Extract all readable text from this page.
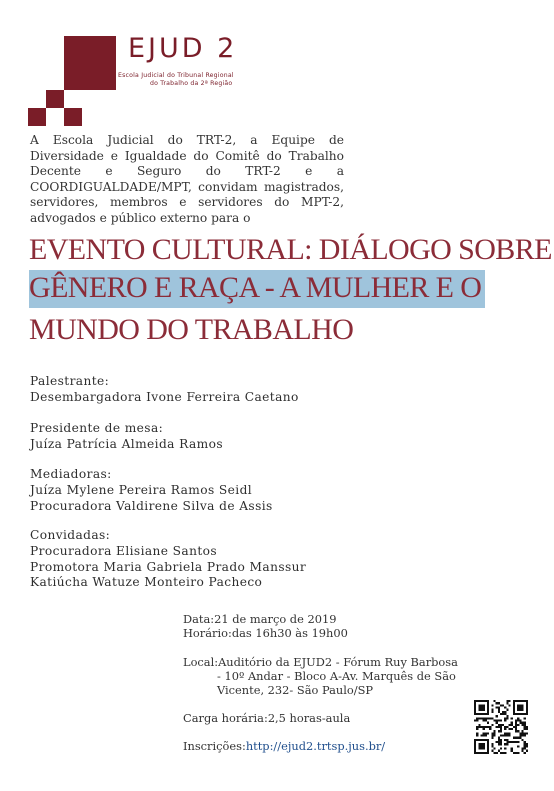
EJUD 2
Escola Judicial do Tribunal Regional
do Trabalho da 2ª Região
A Escola Judicial do TRT-2, a Equipe de Diversidade e Igualdade do Comitê do Trabalho Decente e Seguro do TRT-2 e a COORDIGUALDADE/MPT, convidam magistrados, servidores, membros e servidores do MPT-2, advogados e público externo para o
EVENTO CULTURAL: DIÁLOGO SOBRE
GÊNERO E RAÇA - A MULHER E O
MUNDO DO TRABALHO
Palestrante:
Desembargadora Ivone Ferreira Caetano
Presidente de mesa:
Juíza Patrícia Almeida Ramos
Mediadoras:
Juíza Mylene Pereira Ramos Seidl
Procuradora Valdirene Silva de Assis
Convidadas:
Procuradora Elisiane Santos
Promotora Maria Gabriela Prado Manssur
Katiúcha Watuze Monteiro Pacheco
Data:21 de março de 2019
Horário:das 16h30 às 19h00
Local:Auditório da EJUD2 - Fórum Ruy Barbosa
- 10º Andar - Bloco A-Av. Marquês de São
Vicente, 232- São Paulo/SP
Carga horária:2,5 horas-aula
Inscrições:http://ejud2.trtsp.jus.br/
